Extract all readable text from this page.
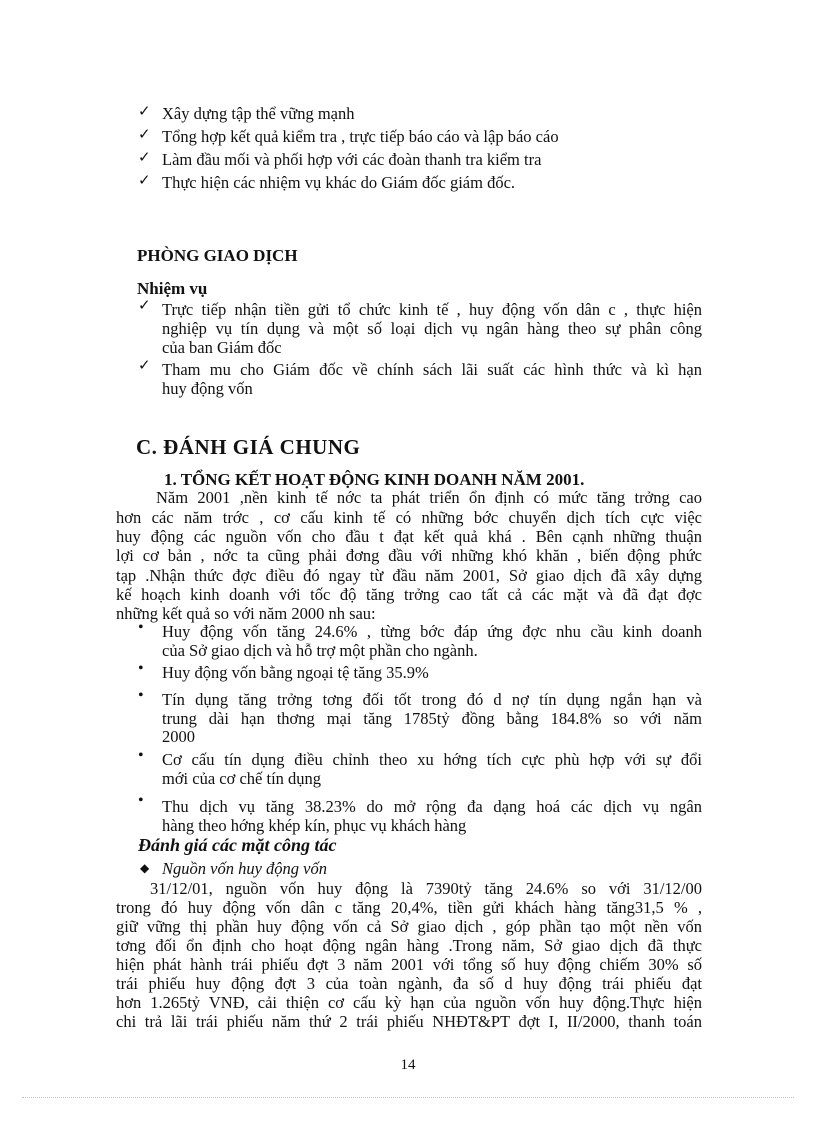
✓ Xây dựng tập thể vững mạnh
✓ Tổng hợp kết quả kiểm tra , trực tiếp báo cáo và lập báo cáo
✓ Làm đầu mối và phối hợp với các đoàn thanh tra kiểm tra
✓ Thực hiện các nhiệm vụ khác do Giám đốc giám đốc.
PHÒNG GIAO DỊCH
Nhiệm vụ
✓ Trực tiếp nhận tiền gửi tổ chức kinh tế , huy động vốn dân c , thực hiện
nghiệp vụ tín dụng và một số loại dịch vụ ngân hàng theo sự phân công
của ban Giám đốc
✓ Tham mu cho Giám đốc về chính sách lãi suất các hình thức và kì hạn
huy động vốn
C. ĐÁNH GIÁ CHUNG
1. TỔNG KẾT HOẠT ĐỘNG KINH DOANH NĂM 2001.
Năm 2001 ,nền kinh tế nớc ta phát triển ổn định có mức tăng trởng cao
hơn các năm trớc , cơ cấu kinh tế có những bớc chuyển dịch tích cực việc
huy động các nguồn vốn cho đầu t đạt kết quả khá . Bên cạnh những thuận
lợi cơ bản , nớc ta cũng phải đơng đầu với những khó khăn , biến động phức
tạp .Nhận thức đợc điều đó ngay từ đầu năm 2001, Sở giao dịch đã xây dựng
kế hoạch kinh doanh với tốc độ tăng trởng cao tất cả các mặt và đã đạt đợc
những kết quả so với năm 2000 nh sau:
• Huy động vốn tăng 24.6% , từng bớc đáp ứng đợc nhu cầu kinh doanh
của Sở giao dịch và hỗ trợ một phần cho ngành.
• Huy động vốn bằng ngoại tệ tăng 35.9%
• Tín dụng tăng trởng tơng đối tốt trong đó d nợ tín dụng ngắn hạn và
trung dài hạn thơng mại tăng 1785tỷ đồng bằng 184.8% so với năm
2000
• Cơ cấu tín dụng điều chỉnh theo xu hớng tích cực phù hợp với sự đổi
mới của cơ chế tín dụng
• Thu dịch vụ tăng 38.23% do mở rộng đa dạng hoá các dịch vụ ngân
hàng theo hớng khép kín, phục vụ khách hàng
Đánh giá các mặt công tác
◆ Nguồn vốn huy động vốn
31/12/01, nguồn vốn huy động là 7390tỷ tăng 24.6% so với 31/12/00
trong đó huy động vốn dân c tăng 20,4%, tiền gửi khách hàng tăng31,5 % ,
giữ vững thị phần huy động vốn cả Sở giao dịch , góp phần tạo một nền vốn
tơng đối ổn định cho hoạt động ngân hàng .Trong năm, Sở giao dịch đã thực
hiện phát hành trái phiếu đợt 3 năm 2001 với tổng số huy động chiếm 30% số
trái phiếu huy động đợt 3 của toàn ngành, đa số d huy động trái phiếu đạt
hơn 1.265tỷ VNĐ, cải thiện cơ cấu kỳ hạn của nguồn vốn huy động.Thực hiện
chi trả lãi trái phiếu năm thứ 2 trái phiếu NHĐT&PT đợt I, II/2000, thanh toán
14
